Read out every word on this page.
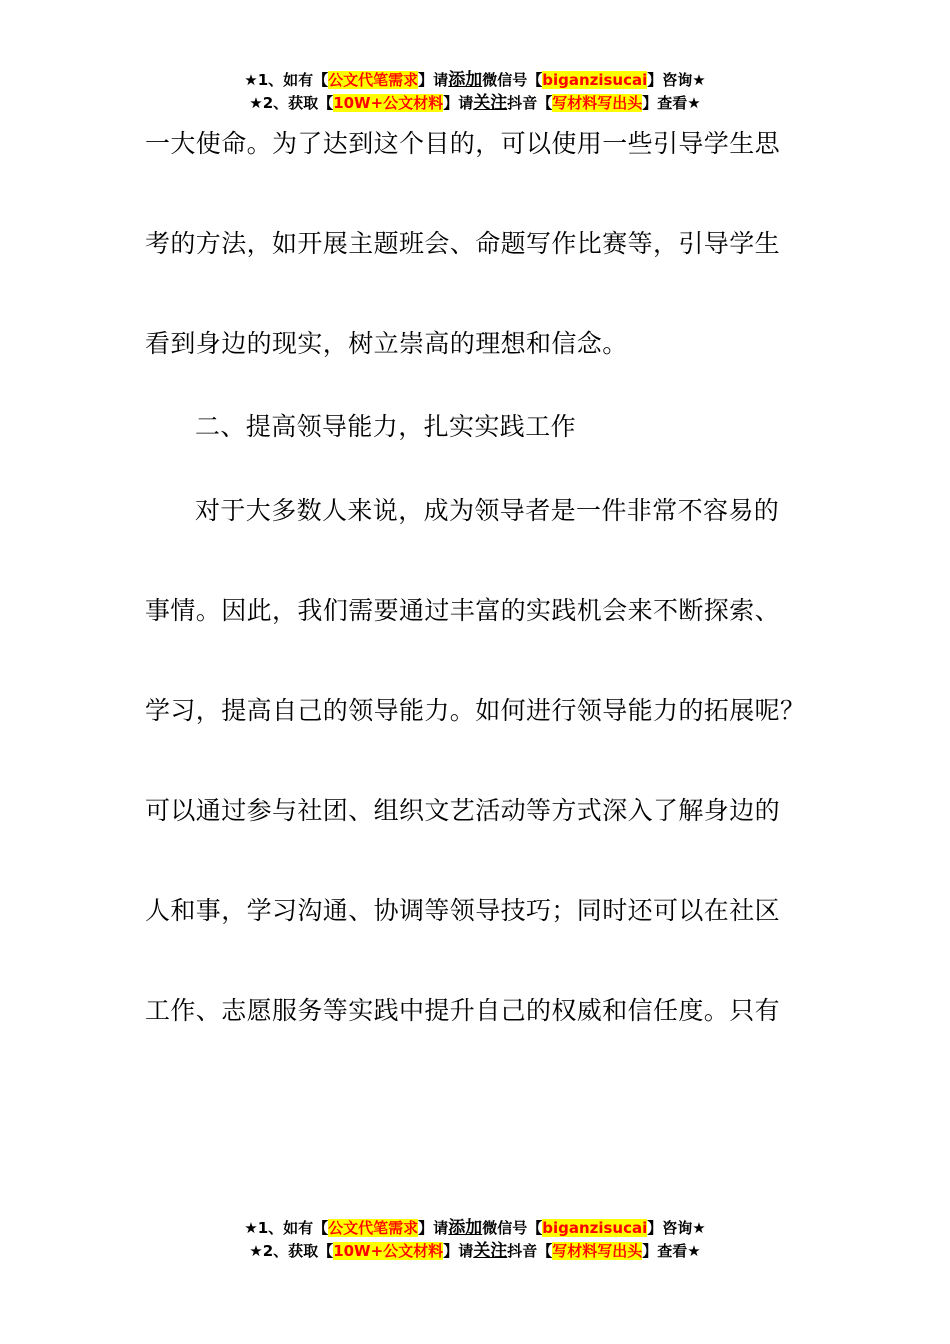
★1、如有【公文代笔需求】请添加微信号【biganzisucai】咨询★
★2、获取【10W+公文材料】请关注抖音【写材料写出头】查看★
一大使命。为了达到这个目的，可以使用一些引导学生思
考的方法，如开展主题班会、命题写作比赛等，引导学生
看到身边的现实，树立崇高的理想和信念。
二、提高领导能力，扎实实践工作
对于大多数人来说，成为领导者是一件非常不容易的
事情。因此，我们需要通过丰富的实践机会来不断探索、
学习，提高自己的领导能力。如何进行领导能力的拓展呢？
可以通过参与社团、组织文艺活动等方式深入了解身边的
人和事，学习沟通、协调等领导技巧；同时还可以在社区
工作、志愿服务等实践中提升自己的权威和信任度。只有
★1、如有【公文代笔需求】请添加微信号【biganzisucai】咨询★
★2、获取【10W+公文材料】请关注抖音【写材料写出头】查看★
